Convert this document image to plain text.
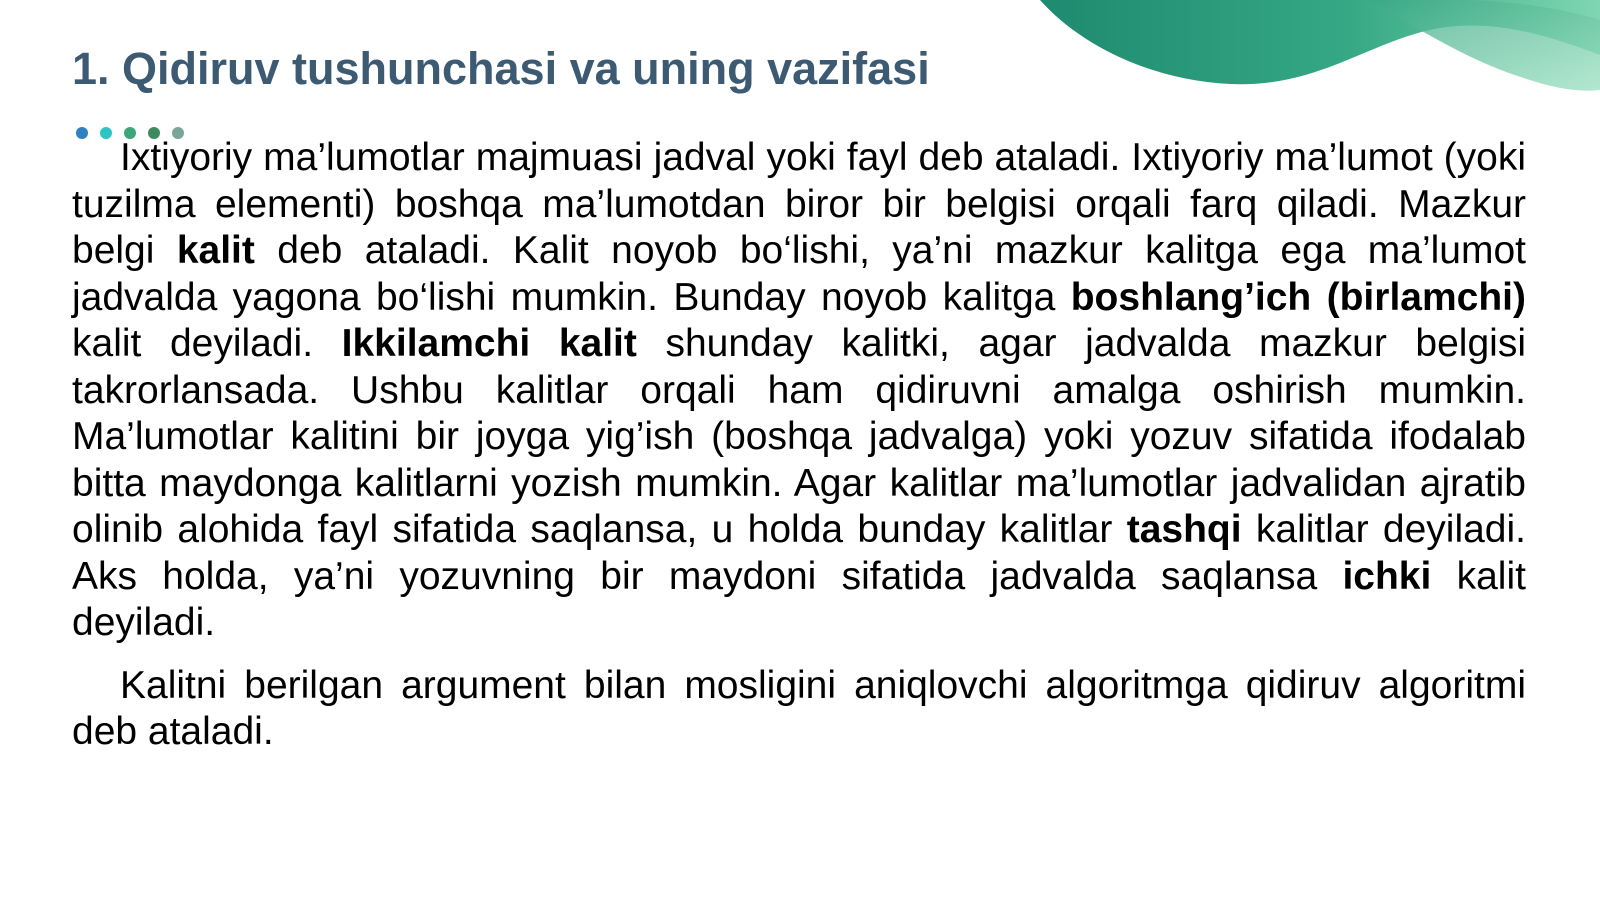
1. Qidiruv tushunchasi va uning vazifasi

Ixtiyoriy ma’lumotlar majmuasi jadval yoki fayl deb ataladi. Ixtiyoriy ma’lumot (yoki tuzilma elementi) boshqa ma’lumotdan biror bir belgisi orqali farq qiladi. Mazkur belgi kalit deb ataladi. Kalit noyob bo‘lishi, ya’ni mazkur kalitga ega ma’lumot jadvalda yagona bo‘lishi mumkin. Bunday noyob kalitga boshlang’ich (birlamchi) kalit deyiladi. Ikkilamchi kalit shunday kalitki, agar jadvalda mazkur belgisi takrorlansada. Ushbu kalitlar orqali ham qidiruvni amalga oshirish mumkin. Ma’lumotlar kalitini bir joyga yig’ish (boshqa jadvalga) yoki yozuv sifatida ifodalab bitta maydonga kalitlarni yozish mumkin. Agar kalitlar ma’lumotlar jadvalidan ajratib olinib alohida fayl sifatida saqlansa, u holda bunday kalitlar tashqi kalitlar deyiladi. Aks holda, ya’ni yozuvning bir maydoni sifatida jadvalda saqlansa ichki kalit deyiladi.

Kalitni berilgan argument bilan mosligini aniqlovchi algoritmga qidiruv algoritmi deb ataladi.
